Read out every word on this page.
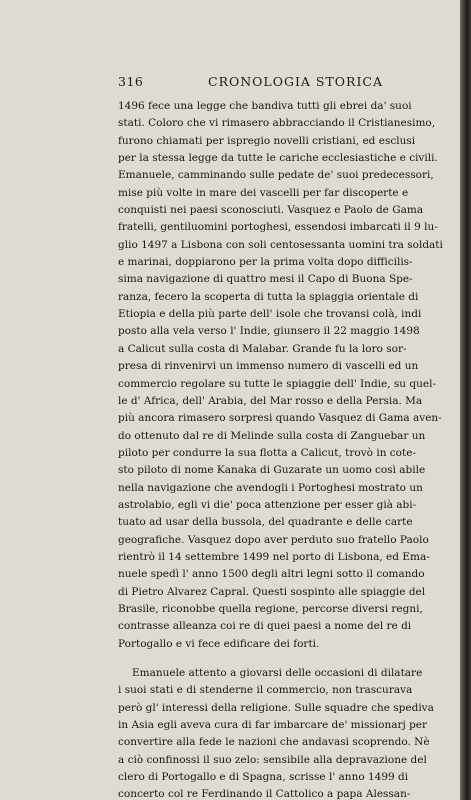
316	CRONOLOGIA STORICA
1496 fece una legge che bandiva tutti gli ebrei da' suoi
stati. Coloro che vi rimasero abbracciando il Cristianesimo,
furono chiamati per ispregio novelli cristiani, ed esclusi
per la stessa legge da tutte le cariche ecclesiastiche e civili.
Emanuele, camminando sulle pedate de' suoi predecessori,
mise più volte in mare dei vascelli per far discoperte e
conquisti nei paesi sconosciuti. Vasquez e Paolo de Gama
fratelli, gentiluomini portoghesi, essendosi imbarcati il 9 lu-
glio 1497 a Lisbona con soli centosessanta uomini tra soldati
e marinai, doppiarono per la prima volta dopo difficilis-
sima navigazione di quattro mesi il Capo di Buona Spe-
ranza, fecero la scoperta di tutta la spiaggia orientale di
Etiopia e della più parte dell' isole che trovansi colà, indi
posto alla vela verso l' Indie, giunsero il 22 maggio 1498
a Calicut sulla costa di Malabar. Grande fu la loro sor-
presa di rinvenirvi un immenso numero di vascelli ed un
commercio regolare su tutte le spiaggie dell' Indie, su quel-
le d' Africa, dell' Arabia, del Mar rosso e della Persia. Ma
più ancora rimasero sorpresi quando Vasquez di Gama aven-
do ottenuto dal re di Melinde sulla costa di Zanguebar un
piloto per condurre la sua flotta a Calicut, trovò in cote-
sto piloto di nome Kanaka di Guzarate un uomo così abile
nella navigazione che avendogli i Portoghesi mostrato un
astrolabio, egli vi die' poca attenzione per esser già abi-
tuato ad usar della bussola, del quadrante e delle carte
geografiche. Vasquez dopo aver perduto suo fratello Paolo
rientrò il 14 settembre 1499 nel porto di Lisbona, ed Ema-
nuele spedì l' anno 1500 degli altri legni sotto il comando
di Pietro Alvarez Capral. Questi sospinto alle spiaggie del
Brasile, riconobbe quella regione, percorse diversi regni,
contrasse alleanza coi re di quei paesi a nome del re di
Portogallo e vi fece edificare dei forti.
Emanuele attento a giovarsi delle occasioni di dilatare
i suoi stati e di stenderne il commercio, non trascurava
però gl' interessi della religione. Sulle squadre che spediva
in Asia egli aveva cura di far imbarcare de' missionarj per
convertire alla fede le nazioni che andavasi scoprendo. Nè
a ciò confinossi il suo zelo: sensibile alla depravazione del
clero di Portogallo e di Spagna, scrisse l' anno 1499 di
concerto col re Ferdinando il Cattolico a papa Alessan-
